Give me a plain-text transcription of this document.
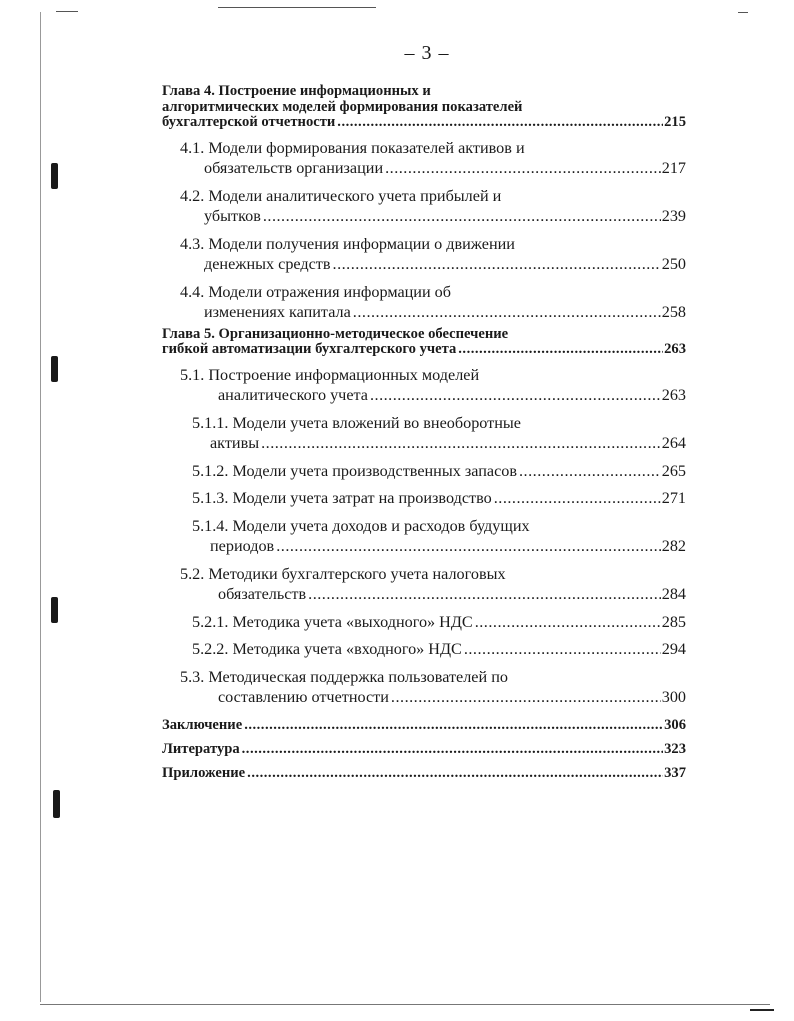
– 3 –
Глава 4. Построение информационных и
алгоритмических моделей формирования показателей
бухгалтерской отчетности .....	215
4.1. Модели формирования показателей активов и
обязательств организации .....	217
4.2. Модели аналитического учета прибылей и
убытков .....	239
4.3. Модели получения информации о движении
денежных средств .....	250
4.4. Модели отражения информации об
изменениях капитала .....	258
Глава 5. Организационно-методическое обеспечение
гибкой автоматизации бухгалтерского учета .....	263
5.1. Построение информационных моделей
аналитического учета .....	263
5.1.1. Модели учета вложений во внеоборотные
активы .....	264
5.1.2. Модели учета производственных запасов .....	265
5.1.3. Модели учета затрат на производство .....	271
5.1.4. Модели учета доходов и расходов будущих
периодов .....	282
5.2. Методики бухгалтерского учета налоговых
обязательств .....	284
5.2.1. Методика учета «выходного» НДС .....	285
5.2.2. Методика учета «входного» НДС .....	294
5.3. Методическая поддержка пользователей по
составлению отчетности .....	300
Заключение .....	306
Литература .....	323
Приложение .....	337
